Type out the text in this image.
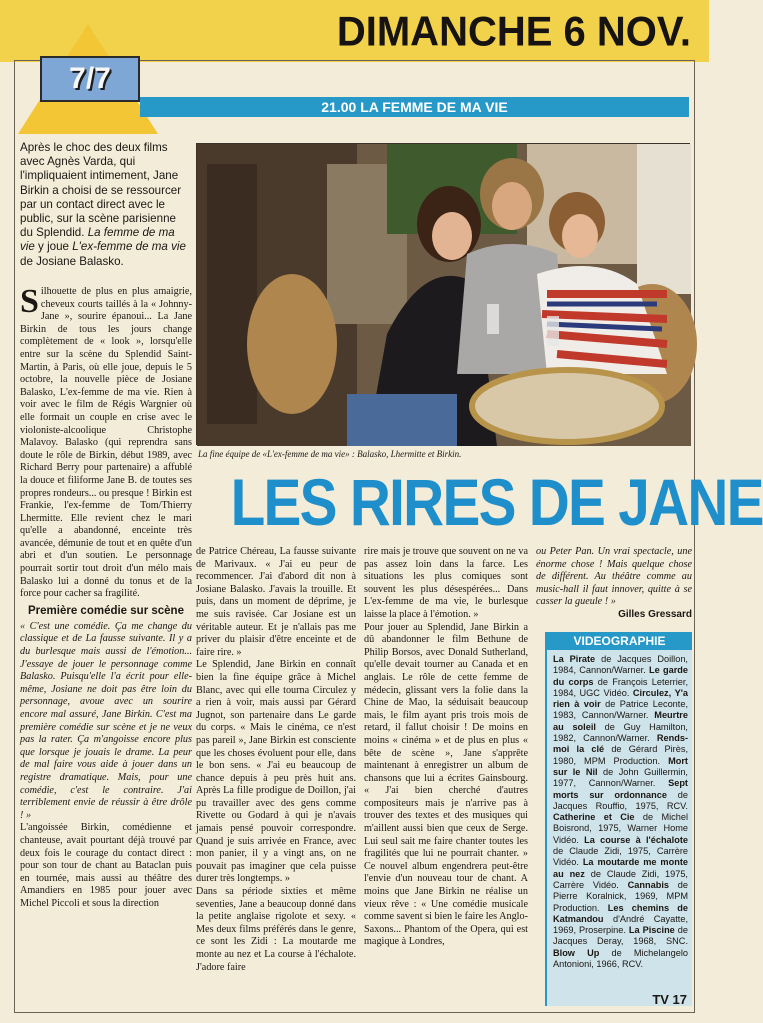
DIMANCHE 6 NOV.
7/7
21.00 LA FEMME DE MA VIE
Après le choc des deux films avec Agnès Varda, qui l'impliquaient intimement, Jane Birkin a choisi de se ressourcer par un contact direct avec le public, sur la scène parisienne du Splendid. La femme de ma vie y joue L'ex-femme de ma vie de Josiane Balasko.
La fine équipe de «L'ex-femme de ma vie» : Balasko, Lhermitte et Birkin.
LES RIRES DE JANE

Silhouette de plus en plus amaigrie, cheveux courts taillés à la « Johnny-Jane », sourire épanoui... La Jane Birkin de tous les jours change complètement de « look », lorsqu'elle entre sur la scène du Splendid Saint-Martin, à Paris, où elle joue, depuis le 5 octobre, la nouvelle pièce de Josiane Balasko, L'ex-femme de ma vie. Rien à voir avec le film de Régis Wargnier où elle formait un couple en crise avec le violoniste-alcoolique Christophe Malavoy. Balasko (qui reprendra sans doute le rôle de Birkin, début 1989, avec Richard Berry pour partenaire) a affublé la douce et filiforme Jane B. de toutes ses propres rondeurs... ou presque ! Birkin est Frankie, l'ex-femme de Tom/Thierry Lhermitte. Elle revient chez le mari qu'elle a abandonné, enceinte très avancée, démunie de tout et en quête d'un abri et d'un soutien. Le personnage pourrait sortir tout droit d'un mélo mais Balasko lui a donné du tonus et de la force pour cacher sa fragilité.

Première comédie sur scène

« C'est une comédie. Ça me change du classique et de La fausse suivante. Il y a du burlesque mais aussi de l'émotion... J'essaye de jouer le personnage comme Balasko. Puisqu'elle l'a écrit pour elle-même, Josiane ne doit pas être loin du personnage, avoue avec un sourire encore mal assuré, Jane Birkin. C'est ma première comédie sur scène et je ne veux pas la rater. Ça m'angoisse encore plus que lorsque je jouais le drame. La peur de mal faire vous aide à jouer dans un registre dramatique. Mais, pour une comédie, c'est le contraire. J'ai terriblement envie de réussir à être drôle ! »

L'angoissée Birkin, comédienne et chanteuse, avait pourtant déjà trouvé par deux fois le courage du contact direct : pour son tour de chant au Bataclan puis en tournée, mais aussi au théâtre des Amandiers en 1985 pour jouer avec Michel Piccoli et sous la direction

de Patrice Chéreau, La fausse suivante de Marivaux. « J'ai eu peur de recommencer. J'ai d'abord dit non à Josiane Balasko. J'avais la trouille. Et puis, dans un moment de déprime, je me suis ravisée. Car Josiane est un véritable auteur. Et je n'allais pas me priver du plaisir d'être enceinte et de faire rire. »

Le Splendid, Jane Birkin en connaît bien la fine équipe grâce à Michel Blanc, avec qui elle tourna Circulez y a rien à voir, mais aussi par Gérard Jugnot, son partenaire dans Le garde du corps. « Mais le cinéma, ce n'est pas pareil », Jane Birkin est consciente que les choses évoluent pour elle, dans le bon sens. « J'ai eu beaucoup de chance depuis à peu près huit ans. Après La fille prodigue de Doillon, j'ai pu travailler avec des gens comme Rivette ou Godard à qui je n'avais jamais pensé pouvoir correspondre. Quand je suis arrivée en France, avec mon panier, il y a vingt ans, on ne pouvait pas imaginer que cela puisse durer très longtemps. »

Dans sa période sixties et même seventies, Jane a beaucoup donné dans la petite anglaise rigolote et sexy. « Mes deux films préférés dans le genre, ce sont les Zidi : La moutarde me monte au nez et La course à l'échalote. J'adore faire

rire mais je trouve que souvent on ne va pas assez loin dans la farce. Les situations les plus comiques sont souvent les plus désespérées... Dans L'ex-femme de ma vie, le burlesque laisse la place à l'émotion. »

Pour jouer au Splendid, Jane Birkin a dû abandonner le film Bethune de Philip Borsos, avec Donald Sutherland, qu'elle devait tourner au Canada et en anglais. Le rôle de cette femme de médecin, glissant vers la folie dans la Chine de Mao, la séduisait beaucoup mais, le film ayant pris trois mois de retard, il fallut choisir ! De moins en moins « cinéma » et de plus en plus « bête de scène », Jane s'apprête maintenant à enregistrer un album de chansons que lui a écrites Gainsbourg. « J'ai bien cherché d'autres compositeurs mais je n'arrive pas à trouver des textes et des musiques qui m'aillent aussi bien que ceux de Serge. Lui seul sait me faire chanter toutes les fragilités que lui ne pourrait chanter. » Ce nouvel album engendrera peut-être l'envie d'un nouveau tour de chant. A moins que Jane Birkin ne réalise un vieux rêve : « Une comédie musicale comme savent si bien le faire les Anglo-Saxons... Phantom of the Opera, qui est magique à Londres,

ou Peter Pan. Un vrai spectacle, une énorme chose ! Mais quelque chose de différent. Au théâtre comme au music-hall il faut innover, quitte à se casser la gueule ! »

Gilles Gressard
VIDEOGRAPHIE
La Pirate de Jacques Doillon, 1984, Cannon/Warner. Le garde du corps de François Leterrier, 1984, UGC Vidéo. Circulez, Y'a rien à voir de Patrice Leconte, 1983, Cannon/Warner. Meurtre au soleil de Guy Hamilton, 1982, Cannon/Warner. Rends-moi la clé de Gérard Pirès, 1980, MPM Production. Mort sur le Nil de John Guillermin, 1977, Cannon/Warner. Sept morts sur ordonnance de Jacques Rouffio, 1975, RCV. Catherine et Cie de Michel Boisrond, 1975, Warner Home Vidéo. La course à l'échalote de Claude Zidi, 1975, Carrère Vidéo. La moutarde me monte au nez de Claude Zidi, 1975, Carrère Vidéo. Cannabis de Pierre Koralnick, 1969, MPM Production. Les chemins de Katmandou d'André Cayatte, 1969, Proserpine. La Piscine de Jacques Deray, 1968, SNC. Blow Up de Michelangelo Antonioni, 1966, RCV.
TV 17
